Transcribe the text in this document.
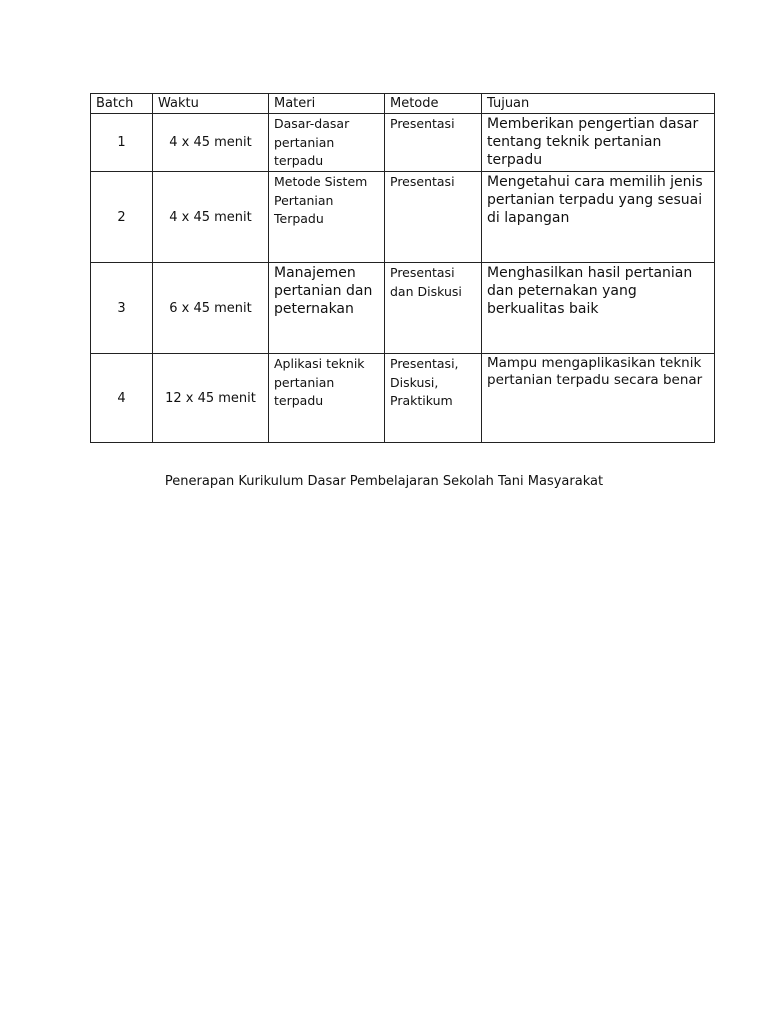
Batch	Waktu	Materi	Metode	Tujuan
1	4 x 45 menit	Dasar-dasar pertanian terpadu	Presentasi	Memberikan pengertian dasar tentang teknik pertanian terpadu
2	4 x 45 menit	Metode Sistem Pertanian Terpadu	Presentasi	Mengetahui cara memilih jenis pertanian terpadu yang sesuai di lapangan
3	6 x 45 menit	Manajemen pertanian dan peternakan	Presentasi dan Diskusi	Menghasilkan hasil pertanian dan peternakan yang berkualitas baik
4	12 x 45 menit	Aplikasi teknik pertanian terpadu	Presentasi, Diskusi, Praktikum	Mampu mengaplikasikan teknik pertanian terpadu secara benar
Penerapan Kurikulum Dasar Pembelajaran Sekolah Tani Masyarakat
